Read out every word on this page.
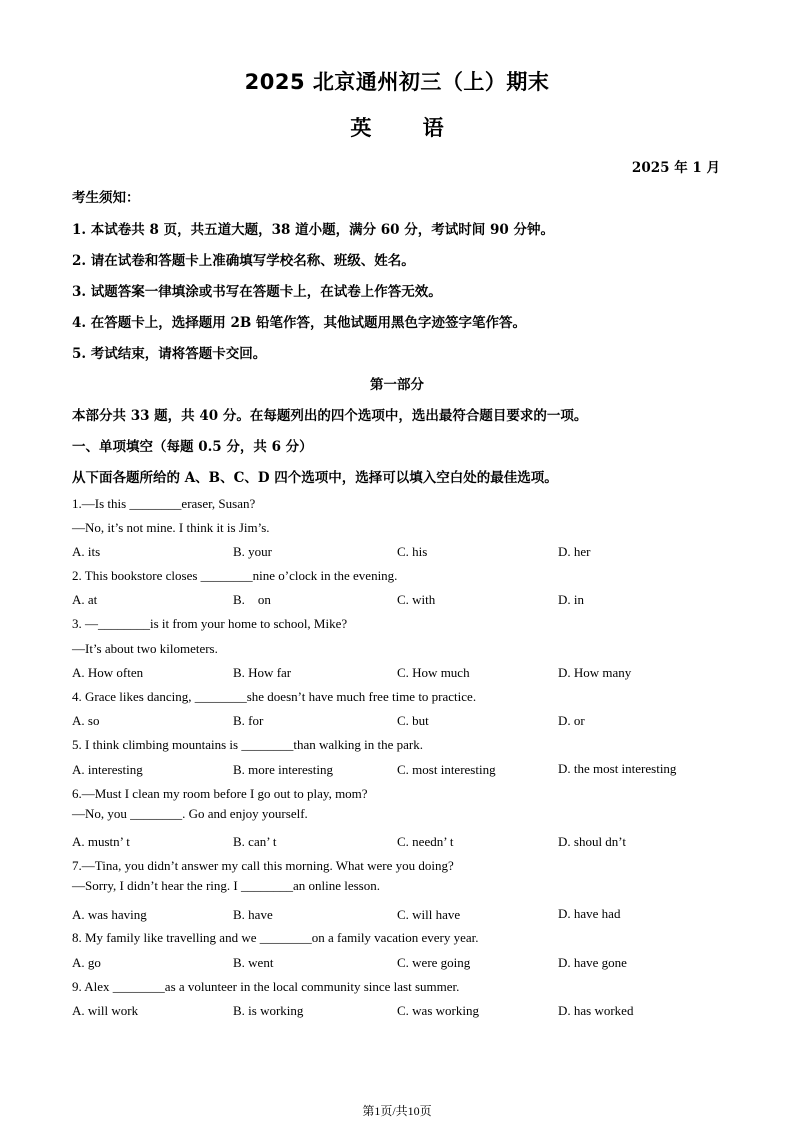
2025 北京通州初三（上）期末
英 语
2025 年 1 月
考生须知：
1. 本试卷共 8 页，共五道大题，38 道小题，满分 60 分，考试时间 90 分钟。
2. 请在试卷和答题卡上准确填写学校名称、班级、姓名。
3. 试题答案一律填涂或书写在答题卡上，在试卷上作答无效。
4. 在答题卡上，选择题用 2B 铅笔作答，其他试题用黑色字迹签字笔作答。
5. 考试结束，请将答题卡交回。
第一部分
本部分共 33 题，共 40 分。在每题列出的四个选项中，选出最符合题目要求的一项。
一、单项填空（每题 0.5 分，共 6 分）
从下面各题所给的 A、B、C、D 四个选项中，选择可以填入空白处的最佳选项。
1.—Is this ________eraser, Susan?
—No, it’s not mine. I think it is Jim’s.
A. its	B. your	C. his	D. her
2. This bookstore closes ________nine o’clock in the evening.
A. at	B.    on	C. with	D. in
3. —________is it from your home to school, Mike?
—It’s about two kilometers.
A. How often	B. How far	C. How much	D. How many
4. Grace likes dancing, ________she doesn’t have much free time to practice.
A. so	B. for	C. but	D. or
5. I think climbing mountains is ________than walking in the park.
A. interesting	B. more interesting	C. most interesting	D. the most interesting
6.—Must I clean my room before I go out to play, mom?
—No, you ________. Go and enjoy yourself.
A. mustn’ t	B. can’ t	C. needn’ t	D. shoul dn’t
7.—Tina, you didn’t answer my call this morning. What were you doing?
—Sorry, I didn’t hear the ring. I ________an online lesson.
A. was having	B. have	C. will have	D. have had
8. My family like travelling and we ________on a family vacation every year.
A. go	B. went	C. were going	D. have gone
9. Alex ________as a volunteer in the local community since last summer.
A. will work	B. is working	C. was working	D. has worked
第1页/共10页
